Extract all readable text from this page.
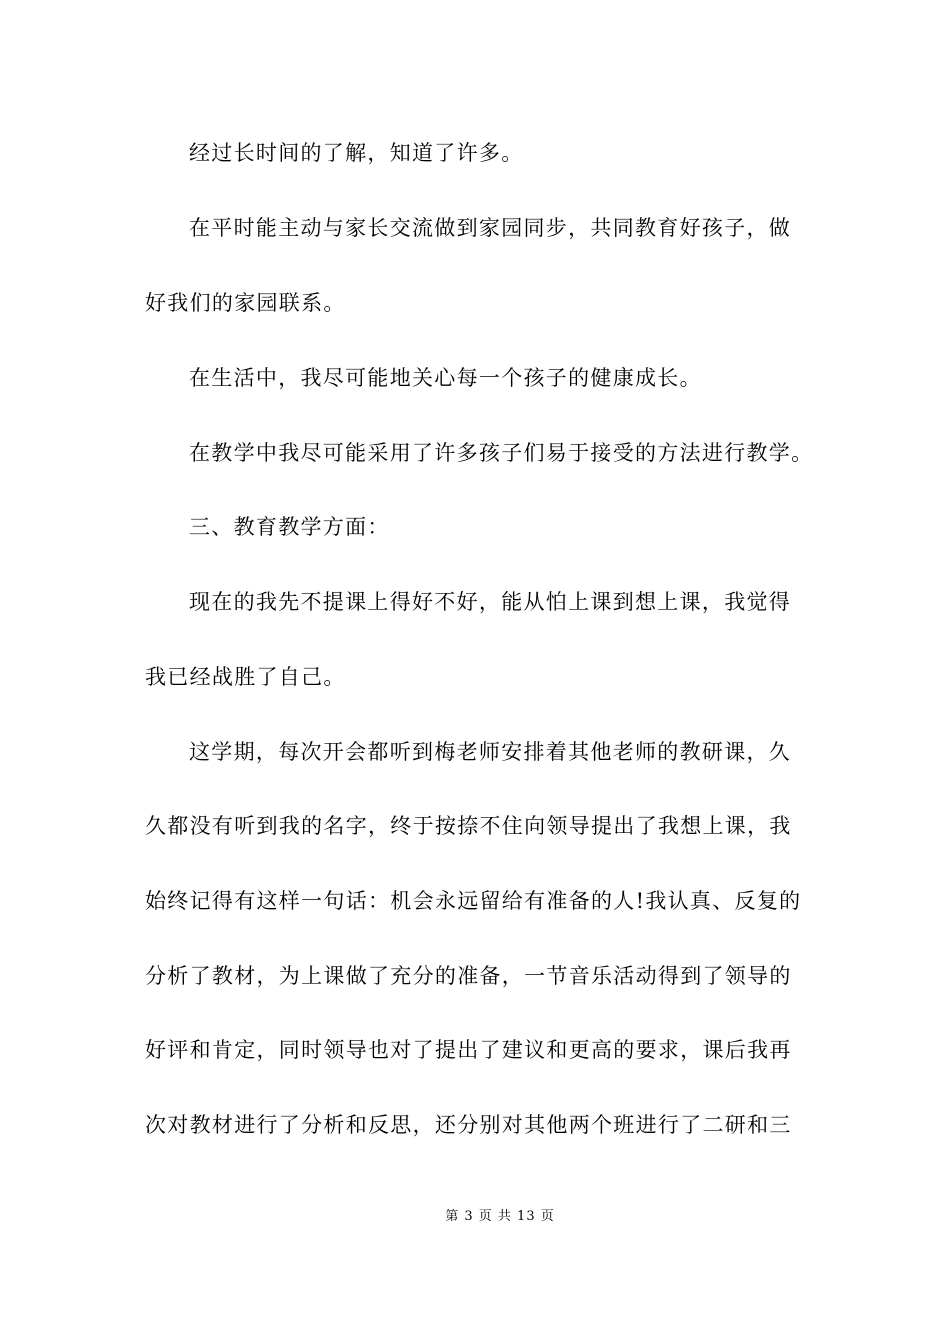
经过长时间的了解，知道了许多。
在平时能主动与家长交流做到家园同步，共同教育好孩子，做
好我们的家园联系。
在生活中，我尽可能地关心每一个孩子的健康成长。
在教学中我尽可能采用了许多孩子们易于接受的方法进行教学。
三、教育教学方面：
现在的我先不提课上得好不好，能从怕上课到想上课，我觉得
我已经战胜了自己。
这学期，每次开会都听到梅老师安排着其他老师的教研课，久
久都没有听到我的名字，终于按捺不住向领导提出了我想上课，我
始终记得有这样一句话：机会永远留给有准备的人!我认真、反复的
分析了教材，为上课做了充分的准备，一节音乐活动得到了领导的
好评和肯定，同时领导也对了提出了建议和更高的要求，课后我再
次对教材进行了分析和反思，还分别对其他两个班进行了二研和三
第 3 页 共 13 页
